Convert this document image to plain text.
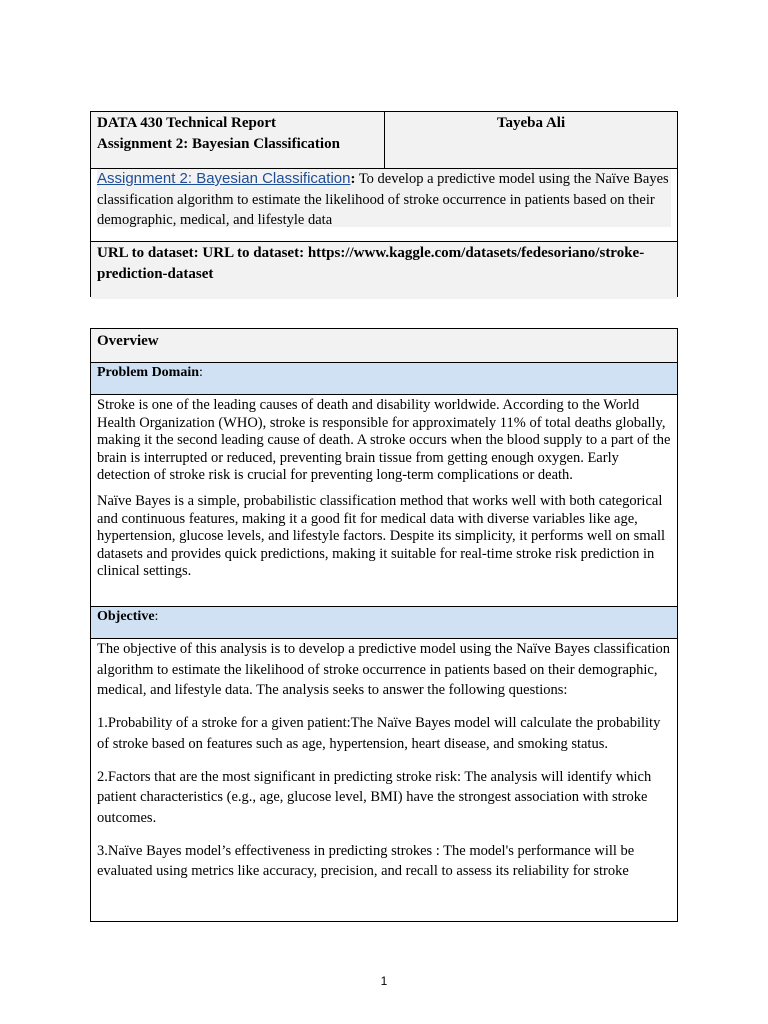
DATA 430 Technical Report
Assignment 2: Bayesian Classification
Tayeba Ali
Assignment 2: Bayesian Classification: To develop a predictive model using the Naïve Bayes classification algorithm to estimate the likelihood of stroke occurrence in patients based on their demographic, medical, and lifestyle data
URL to dataset: URL to dataset: https://www.kaggle.com/datasets/fedesoriano/stroke-prediction-dataset
Overview
Problem Domain:

Stroke is one of the leading causes of death and disability worldwide. According to the World Health Organization (WHO), stroke is responsible for approximately 11% of total deaths globally, making it the second leading cause of death. A stroke occurs when the blood supply to a part of the brain is interrupted or reduced, preventing brain tissue from getting enough oxygen. Early detection of stroke risk is crucial for preventing long-term complications or death.

Naïve Bayes is a simple, probabilistic classification method that works well with both categorical and continuous features, making it a good fit for medical data with diverse variables like age, hypertension, glucose levels, and lifestyle factors. Despite its simplicity, it performs well on small datasets and provides quick predictions, making it suitable for real-time stroke risk prediction in clinical settings.

Objective:

The objective of this analysis is to develop a predictive model using the Naïve Bayes classification algorithm to estimate the likelihood of stroke occurrence in patients based on their demographic, medical, and lifestyle data. The analysis seeks to answer the following questions:

1.Probability of a stroke for a given patient:The Naïve Bayes model will calculate the probability of stroke based on features such as age, hypertension, heart disease, and smoking status.

2.Factors that are the most significant in predicting stroke risk: The analysis will identify which patient characteristics (e.g., age, glucose level, BMI) have the strongest association with stroke outcomes.

3.Naïve Bayes model’s effectiveness in predicting strokes : The model's performance will be evaluated using metrics like accuracy, precision, and recall to assess its reliability for stroke

1
